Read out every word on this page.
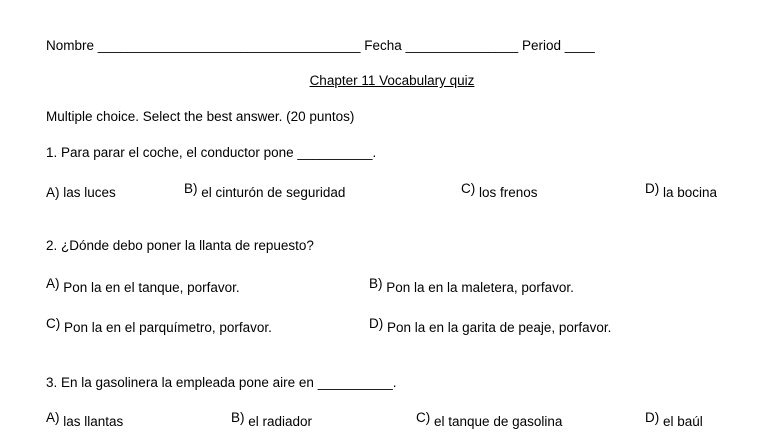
Nombre ___________________________________ Fecha _______________ Period ____
Chapter 11 Vocabulary quiz
Multiple choice. Select the best answer. (20 puntos)
1. Para parar el coche, el conductor pone __________.
A) las luces	B) el cinturón de seguridad	C) los frenos	D) la bocina
2. ¿Dónde debo poner la llanta de repuesto?
A) Pon la en el tanque, porfavor.	B) Pon la en la maletera, porfavor.
C) Pon la en el parquímetro, porfavor.	D) Pon la en la garita de peaje, porfavor.
3. En la gasolinera la empleada pone aire en __________.
A) las llantas	B) el radiador	C) el tanque de gasolina	D) el baúl
